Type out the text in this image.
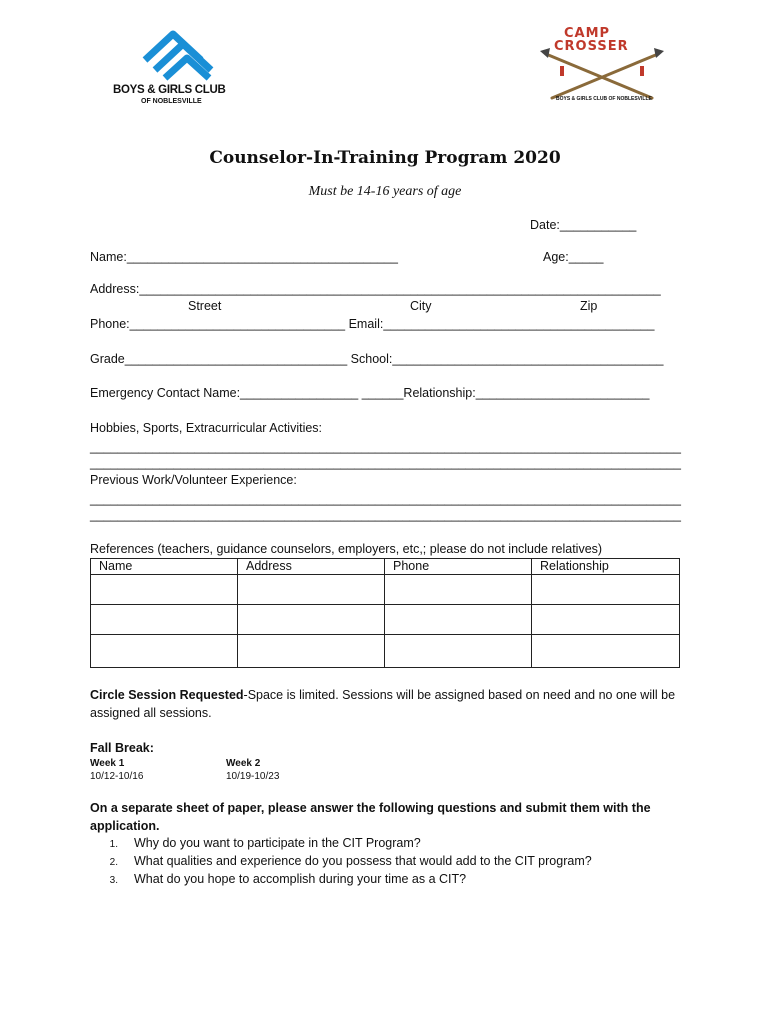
BOYS & GIRLS CLUB
OF NOBLESVILLE
CAMP
CROSSER
BOYS & GIRLS CLUB OF NOBLESVILLE
Counselor-In-Training Program 2020
Must be 14-16 years of age
Date:___________
Name:_______________________________________	Age:_____
Address:___________________________________________________________________________
Street	City	Zip
Phone:_______________________________ Email:_______________________________________
Grade________________________________ School:_______________________________________
Emergency Contact Name:_________________ ______Relationship:_________________________
Hobbies, Sports, Extracurricular Activities:
_____________________________________________________________________________________
_____________________________________________________________________________________
Previous Work/Volunteer Experience:
_____________________________________________________________________________________
_____________________________________________________________________________________
References (teachers, guidance counselors, employers, etc,; please do not include relatives)
Name	Address	Phone	Relationship

Circle Session Requested-Space is limited. Sessions will be assigned based on need and no one will be
assigned all sessions.
Fall Break:
Week 1
10/12-10/16
Week 2
10/19-10/23
On a separate sheet of paper, please answer the following questions and submit them with the
application.
1. Why do you want to participate in the CIT Program?
2. What qualities and experience do you possess that would add to the CIT program?
3. What do you hope to accomplish during your time as a CIT?
